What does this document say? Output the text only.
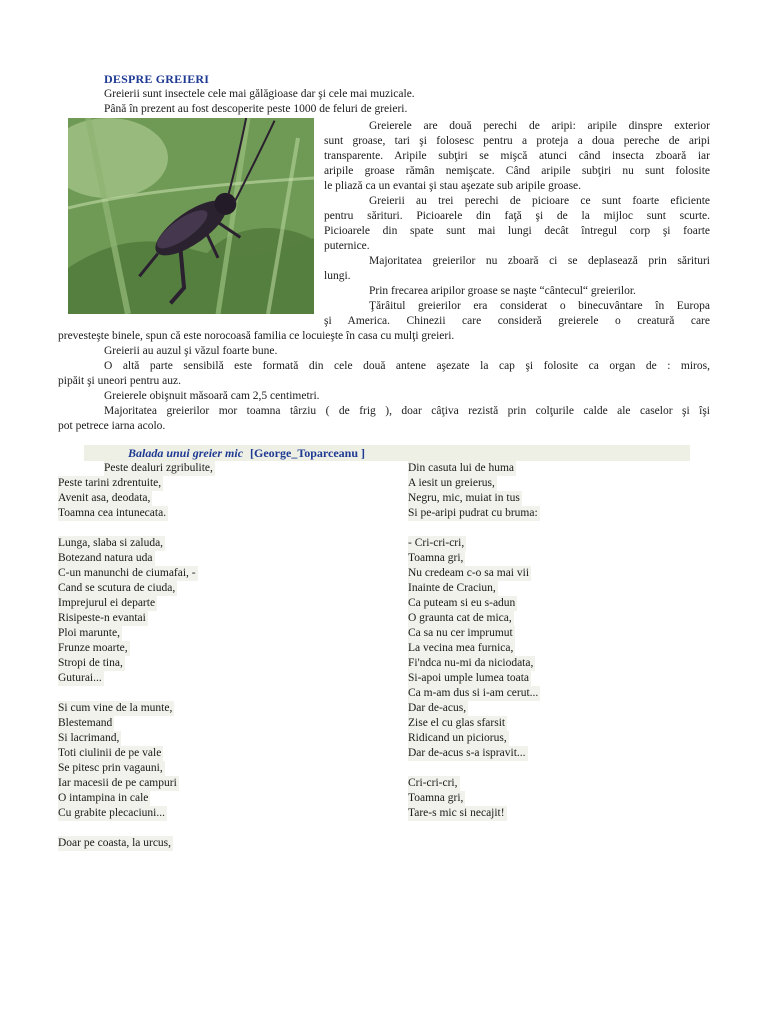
DESPRE GREIERI
Greierii sunt insectele cele mai gălăgioase dar şi cele mai muzicale.
Până în prezent au fost descoperite peste 1000 de feluri de greieri.
Greierele are două perechi de aripi: aripile dinspre exterior
sunt groase, tari şi folosesc pentru a proteja a doua pereche de aripi
transparente. Aripile subţiri se mişcă atunci când insecta zboară iar
aripile groase rămân nemişcate. Când aripile subţiri nu sunt folosite
le pliază ca un evantai şi stau aşezate sub aripile groase.
Greierii au trei perechi de picioare ce sunt foarte eficiente
pentru sărituri. Picioarele din faţă şi de la mijloc sunt scurte.
Picioarele din spate sunt mai lungi decât întregul corp şi foarte
puternice.
Majoritatea greierilor nu zboară ci se deplasează prin sărituri
lungi.
Prin frecarea aripilor groase se naşte “cântecul“ greierilor.
Ţărâitul greierilor era considerat o binecuvântare în Europa
şi America. Chinezii care consideră greierele o creatură care
prevesteşte binele, spun că este norocoasă familia ce locuieşte în casa cu mulţi greieri.
Greierii au auzul şi văzul foarte bune.
O altă parte sensibilă este formată din cele două antene aşezate la cap şi folosite ca organ de : miros,
pipăit şi uneori pentru auz.
Greierele obişnuit măsoară cam 2,5 centimetri.
Majoritatea greierilor mor toamna târziu ( de frig ), doar câţiva rezistă prin colţurile calde ale caselor şi îşi
pot petrece iarna acolo.
Balada unui greier mic [George_Toparceanu ]
Peste dealuri zgribulite,
Peste tarini zdrentuite,
Avenit asa, deodata,
Toamna cea intunecata.
Lunga, slaba si zaluda,
Botezand natura uda
C-un manunchi de ciumafai, -
Cand se scutura de ciuda,
Imprejurul ei departe
Risipeste-n evantai
Ploi marunte,
Frunze moarte,
Stropi de tina,
Guturai...
Si cum vine de la munte,
Blestemand
Si lacrimand,
Toti ciulinii de pe vale
Se pitesc prin vagauni,
Iar macesii de pe campuri
O intampina in cale
Cu grabite plecaciuni...
Doar pe coasta, la urcus,
Din casuta lui de huma
A iesit un greierus,
Negru, mic, muiat in tus
Si pe-aripi pudrat cu bruma:
- Cri-cri-cri,
Toamna gri,
Nu credeam c-o sa mai vii
Inainte de Craciun,
Ca puteam si eu s-adun
O graunta cat de mica,
Ca sa nu cer imprumut
La vecina mea furnica,
Fi'ndca nu-mi da niciodata,
Si-apoi umple lumea toata
Ca m-am dus si i-am cerut...
Dar de-acus,
Zise el cu glas sfarsit
Ridicand un piciorus,
Dar de-acus s-a ispravit...
Cri-cri-cri,
Toamna gri,
Tare-s mic si necajit!
